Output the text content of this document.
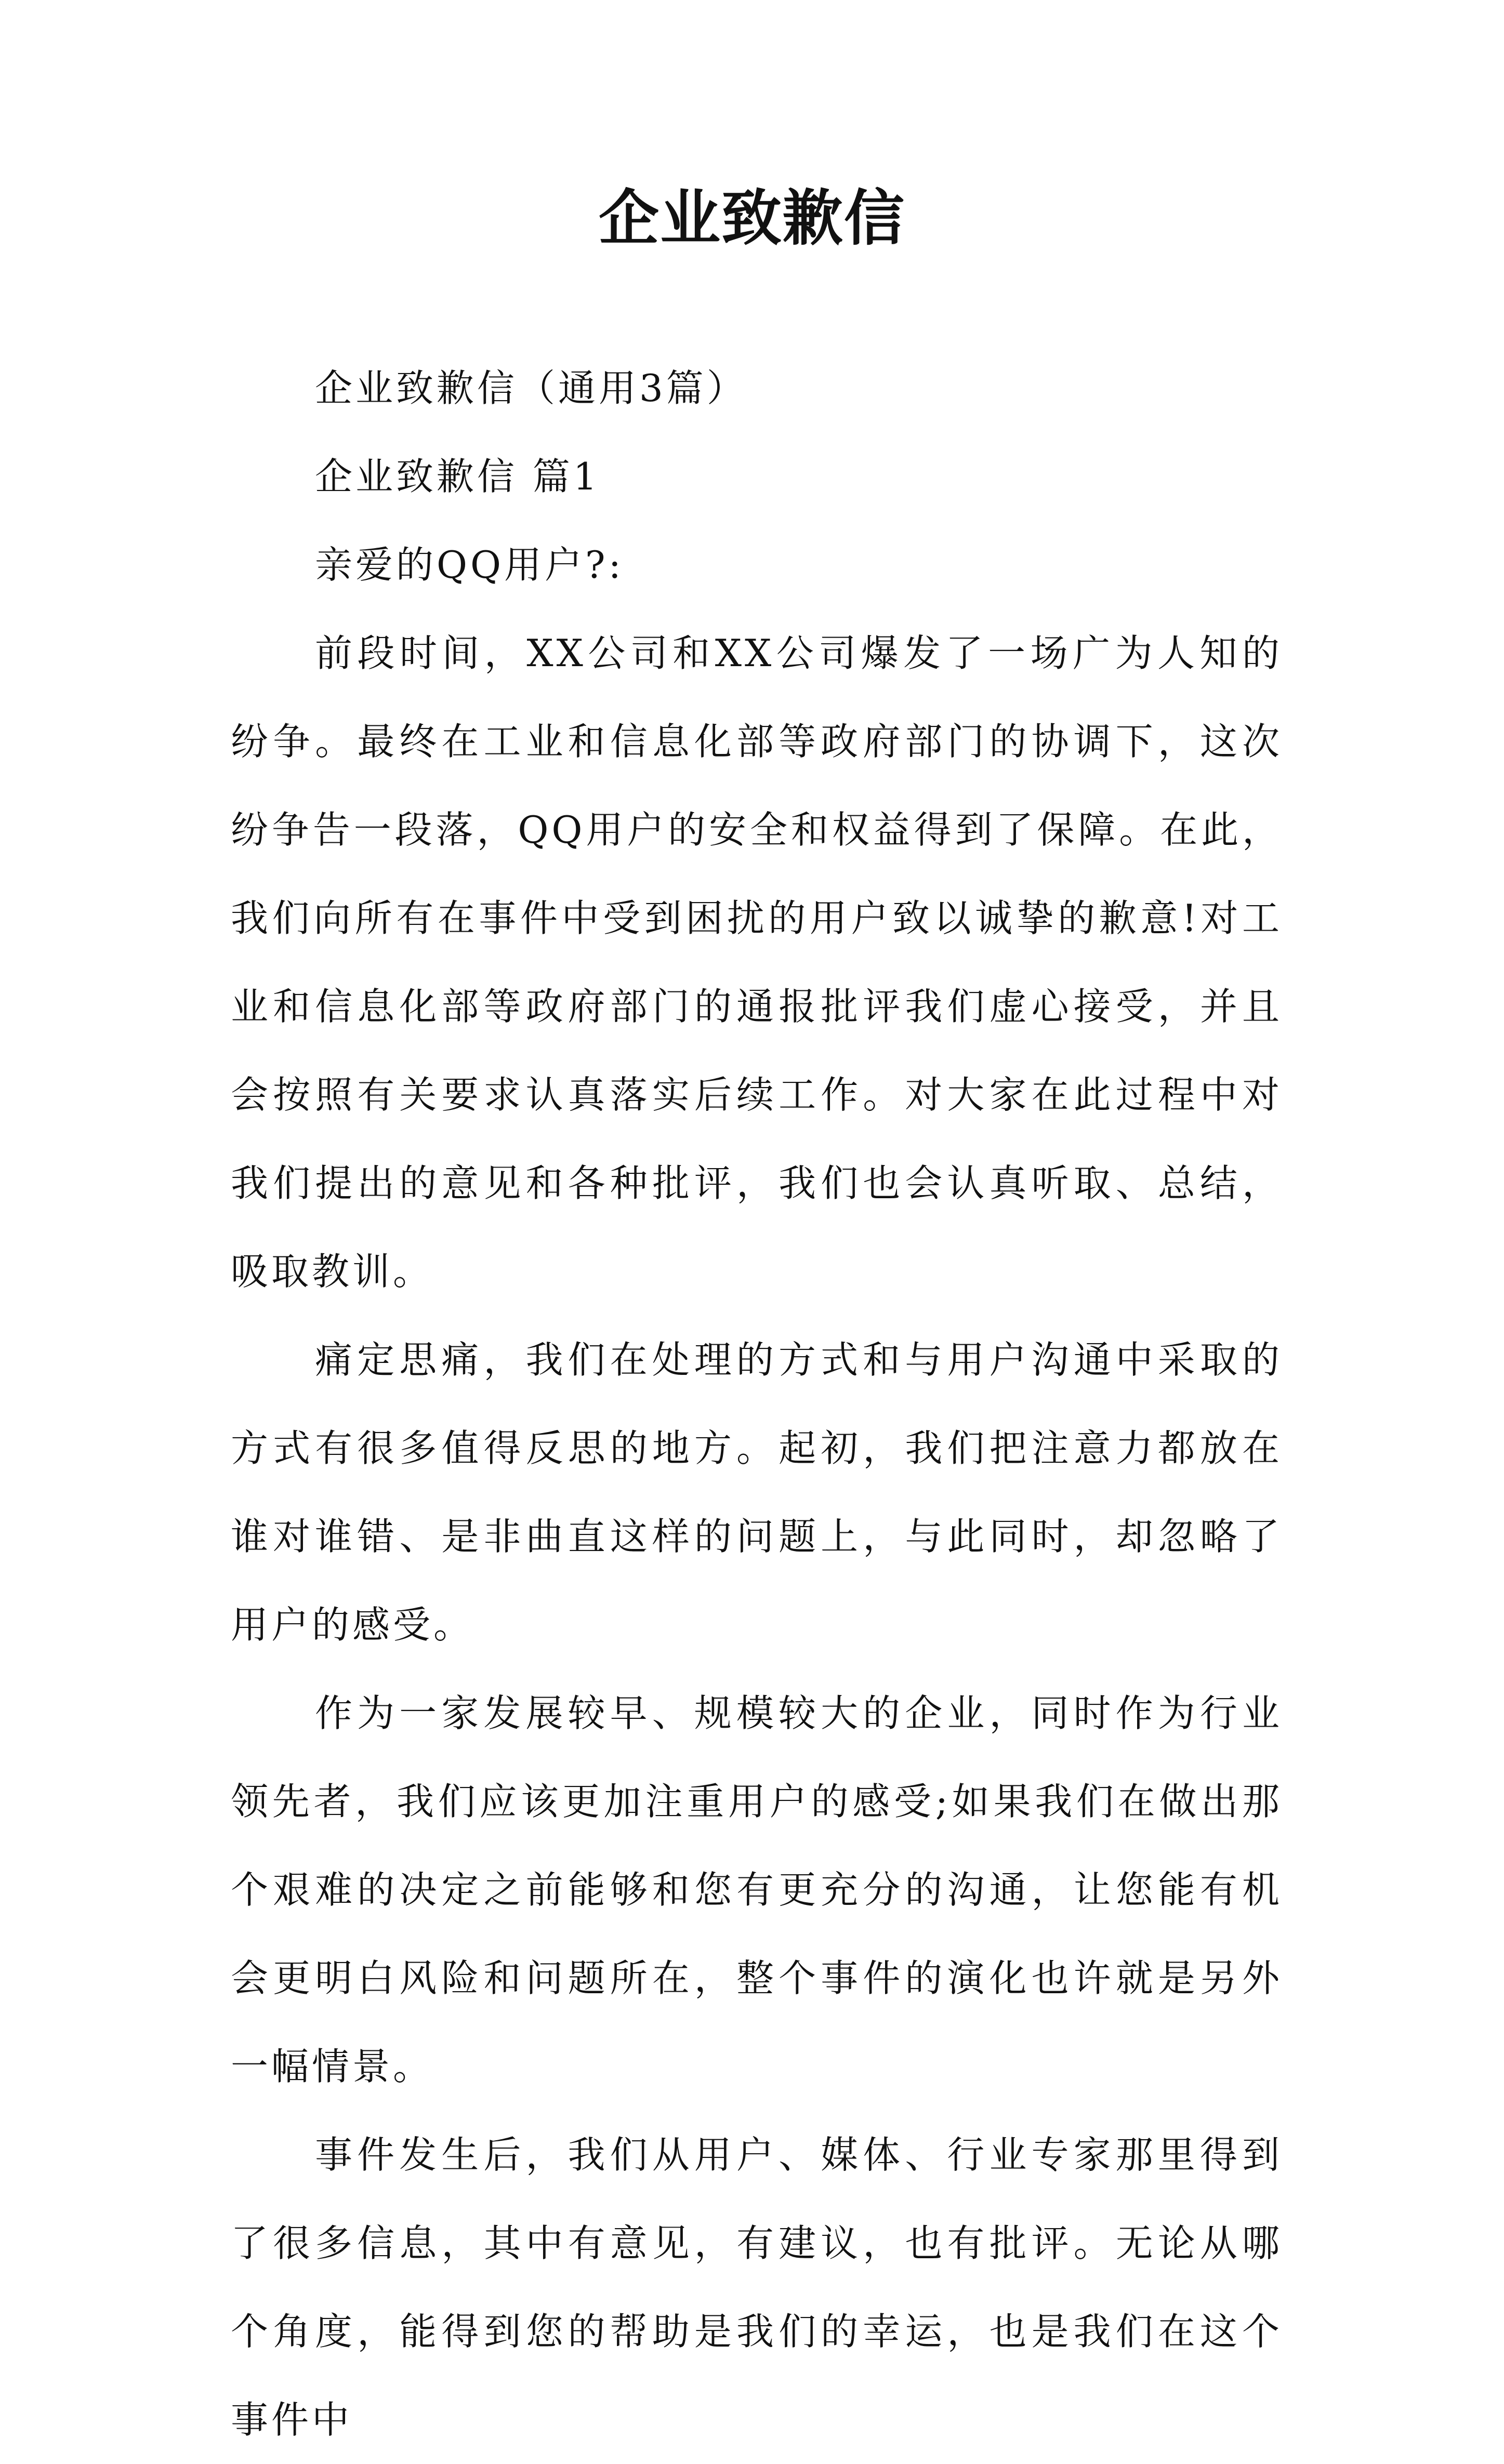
企业致歉信

企业致歉信（通用3篇）

企业致歉信 篇1

亲爱的QQ用户?:

前段时间，XX公司和XX公司爆发了一场广为人知的纷争。最终在工业和信息化部等政府部门的协调下，这次纷争告一段落，QQ用户的安全和权益得到了保障。在此，我们向所有在事件中受到困扰的用户致以诚挚的歉意!对工业和信息化部等政府部门的通报批评我们虚心接受，并且会按照有关要求认真落实后续工作。对大家在此过程中对我们提出的意见和各种批评，我们也会认真听取、总结，吸取教训。

痛定思痛，我们在处理的方式和与用户沟通中采取的方式有很多值得反思的地方。起初，我们把注意力都放在谁对谁错、是非曲直这样的问题上，与此同时，却忽略了用户的感受。

作为一家发展较早、规模较大的企业，同时作为行业领先者，我们应该更加注重用户的感受;如果我们在做出那个艰难的决定之前能够和您有更充分的沟通，让您能有机会更明白风险和问题所在，整个事件的演化也许就是另外一幅情景。

事件发生后，我们从用户、媒体、行业专家那里得到了很多信息，其中有意见，有建议，也有批评。无论从哪个角度，能得到您的帮助是我们的幸运，也是我们在这个事件中
